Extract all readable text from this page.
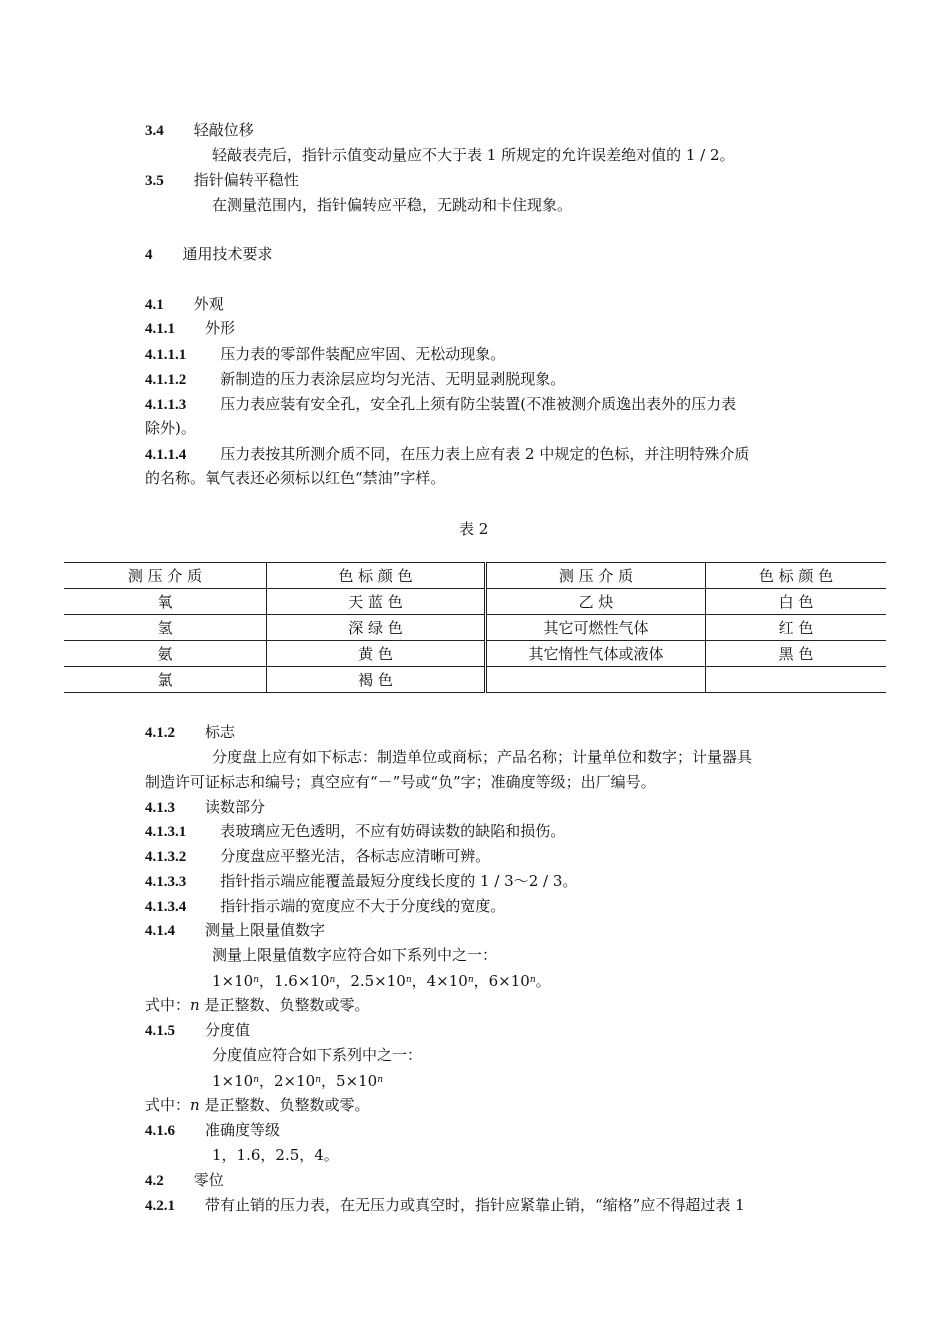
3.4 轻敲位移
轻敲表壳后，指针示值变动量应不大于表 1 所规定的允许误差绝对值的 1 / 2。
3.5 指针偏转平稳性
在测量范围内，指针偏转应平稳，无跳动和卡住现象。
4 通用技术要求
4.1 外观
4.1.1 外形
4.1.1.1 压力表的零部件装配应牢固、无松动现象。
4.1.1.2 新制造的压力表涂层应均匀光洁、无明显剥脱现象。
4.1.1.3 压力表应装有安全孔，安全孔上须有防尘装置(不准被测介质逸出表外的压力表
除外)。
4.1.1.4 压力表按其所测介质不同，在压力表上应有表 2 中规定的色标，并注明特殊介质
的名称。氧气表还必须标以红色“禁油”字样。
表 2
测 压 介 质	色 标 颜 色	测 压 介 质	色 标 颜 色
氧	天 蓝 色	乙 炔	白 色
氢	深 绿 色	其它可燃性气体	红 色
氨	黄 色	其它惰性气体或液体	黑 色
氯	褐 色		
4.1.2 标志
分度盘上应有如下标志：制造单位或商标；产品名称；计量单位和数字；计量器具
制造许可证标志和编号；真空应有“－”号或“负”字；准确度等级；出厂编号。
4.1.3 读数部分
4.1.3.1 表玻璃应无色透明，不应有妨碍读数的缺陷和损伤。
4.1.3.2 分度盘应平整光洁，各标志应清晰可辨。
4.1.3.3 指针指示端应能覆盖最短分度线长度的 1 / 3～2 / 3。
4.1.3.4 指针指示端的宽度应不大于分度线的宽度。
4.1.4 测量上限量值数字
测量上限量值数字应符合如下系列中之一：
$1\times 10^n$，$1.6\times 10^n$，$2.5\times 10^n$，$4\times 10^n$，$6\times 10^n$。
式中：n 是正整数、负整数或零。
4.1.5 分度值
分度值应符合如下系列中之一：
$1\times 10^n$，$2\times 10^n$，$5\times 10^n$
式中：n 是正整数、负整数或零。
4.1.6 准确度等级
1，1.6，2.5，4。
4.2 零位
4.2.1 带有止销的压力表，在无压力或真空时，指针应紧靠止销，“缩格”应不得超过表 1
